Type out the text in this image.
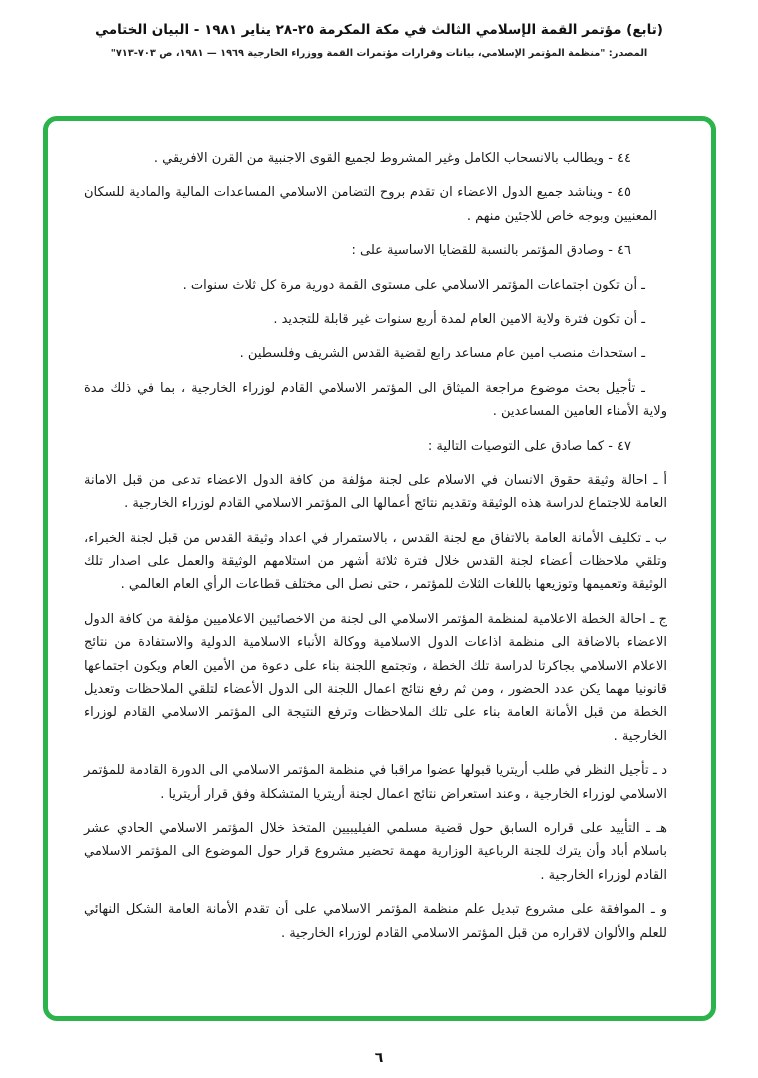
(تابع) مؤتمر القمة الإسلامي الثالث في مكة المكرمة ٢٥-٢٨ يناير ١٩٨١ - البيان الختامي
المصدر: "منظمة المؤتمر الإسلامي، بيانات وقرارات مؤتمرات القمة ووزراء الخارجية ١٩٦٩ — ١٩٨١، ص ٧٠٣-٧١٣"

٤٤ - ويطالب بالانسحاب الكامل وغير المشروط لجميع القوى الاجنبية من القرن الافريقي .

٤٥ - ويناشد جميع الدول الاعضاء ان تقدم بروح التضامن الاسلامي المساعدات المالية والمادية للسكان المعنيين وبوجه خاص للاجئين منهم .

٤٦ - وصادق المؤتمر بالنسبة للقضايا الاساسية على :

ـ أن تكون اجتماعات المؤتمر الاسلامي على مستوى القمة دورية مرة كل ثلاث سنوات .

ـ أن تكون فترة ولاية الامين العام لمدة أربع سنوات غير قابلة للتجديد .

ـ استحداث منصب امين عام مساعد رابع لقضية القدس الشريف وفلسطين .

ـ تأجيل بحث موضوع مراجعة الميثاق الى المؤتمر الاسلامي القادم لوزراء الخارجية ، بما في ذلك مدة ولاية الأمناء العامين المساعدين .

٤٧ - كما صادق على التوصيات التالية :

أ ـ احالة وثيقة حقوق الانسان في الاسلام على لجنة مؤلفة من كافة الدول الاعضاء تدعى من قبل الامانة العامة للاجتماع لدراسة هذه الوثيقة وتقديم نتائج أعمالها الى المؤتمر الاسلامي القادم لوزراء الخارجية .

ب ـ تكليف الأمانة العامة بالاتفاق مع لجنة القدس ، بالاستمرار في اعداد وثيقة القدس من قبل لجنة الخبراء، وتلقي ملاحظات أعضاء لجنة القدس خلال فترة ثلاثة أشهر من استلامهم الوثيقة والعمل على اصدار تلك الوثيقة وتعميمها وتوزيعها باللغات الثلاث للمؤتمر ، حتى نصل الى مختلف قطاعات الرأي العام العالمي .

ج ـ احالة الخطة الاعلامية لمنظمة المؤتمر الاسلامي الى لجنة من الاخصائيين الاعلاميين مؤلفة من كافة الدول الاعضاء بالاضافة الى منظمة اذاعات الدول الاسلامية ووكالة الأنباء الاسلامية الدولية والاستفادة من نتائج الاعلام الاسلامي بجاكرتا لدراسة تلك الخطة ، وتجتمع اللجنة بناء على دعوة من الأمين العام ويكون اجتماعها قانونيا مهما يكن عدد الحضور ، ومن ثم رفع نتائج اعمال اللجنة الى الدول الأعضاء لتلقي الملاحظات وتعديل الخطة من قبل الأمانة العامة بناء على تلك الملاحظات وترفع النتيجة الى المؤتمر الاسلامي القادم لوزراء الخارجية .

د ـ تأجيل النظر في طلب أريتريا قبولها عضوا مراقبا في منظمة المؤتمر الاسلامي الى الدورة القادمة للمؤتمر الاسلامي لوزراء الخارجية ، وعند استعراض نتائج اعمال لجنة أريتريا المتشكلة وفق قرار أريتريا .

هـ ـ التأييد على قراره السابق حول قضية مسلمي الفيليبيين المتخذ خلال المؤتمر الاسلامي الحادي عشر باسلام أباد وأن يترك للجنة الرباعية الوزارية مهمة تحضير مشروع قرار حول الموضوع الى المؤتمر الاسلامي القادم لوزراء الخارجية .

و ـ الموافقة على مشروع تبديل علم منظمة المؤتمر الاسلامي على أن تقدم الأمانة العامة الشكل النهائي للعلم والألوان لاقراره من قبل المؤتمر الاسلامي القادم لوزراء الخارجية .

٦
